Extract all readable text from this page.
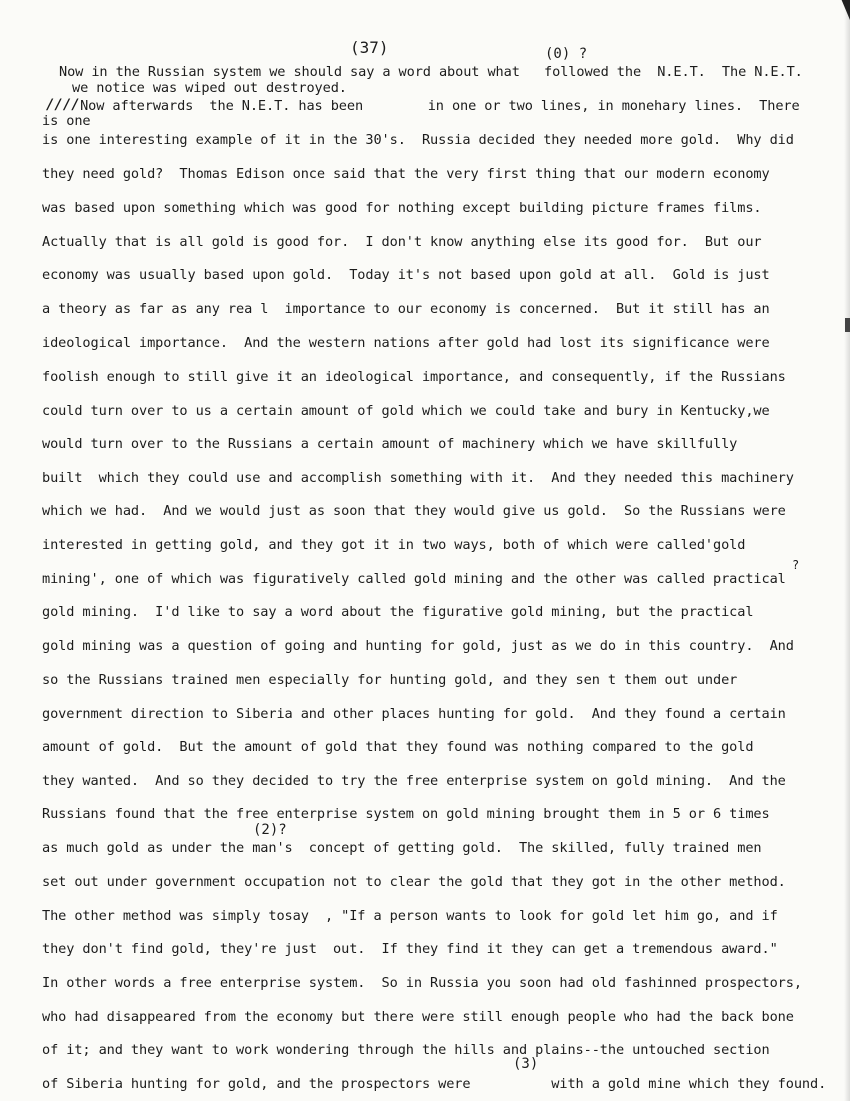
(37)	(0) ?
////
?
(2)?
(3)
Now in the Russian system we should say a word about what   followed the  N.E.T.  The N.E.T.
we notice was wiped out destroyed.
Now afterwards  the N.E.T. has been        in one or two lines, in monehary lines.  There
is one
is one interesting example of it in the 30's.  Russia decided they needed more gold.  Why did
they need gold?  Thomas Edison once said that the very first thing that our modern economy
was based upon something which was good for nothing except building picture frames films.
Actually that is all gold is good for.  I don't know anything else its good for.  But our
economy was usually based upon gold.  Today it's not based upon gold at all.  Gold is just
a theory as far as any rea l  importance to our economy is concerned.  But it still has an
ideological importance.  And the western nations after gold had lost its significance were
foolish enough to still give it an ideological importance, and consequently, if the Russians
could turn over to us a certain amount of gold which we could take and bury in Kentucky,we
would turn over to the Russians a certain amount of machinery which we have skillfully
built  which they could use and accomplish something with it.  And they needed this machinery
which we had.  And we would just as soon that they would give us gold.  So the Russians were
interested in getting gold, and they got it in two ways, both of which were called'gold
mining', one of which was figuratively called gold mining and the other was called practical
gold mining.  I'd like to say a word about the figurative gold mining, but the practical
gold mining was a question of going and hunting for gold, just as we do in this country.  And
so the Russians trained men especially for hunting gold, and they sen t them out under
government direction to Siberia and other places hunting for gold.  And they found a certain
amount of gold.  But the amount of gold that they found was nothing compared to the gold
they wanted.  And so they decided to try the free enterprise system on gold mining.  And the
Russians found that the free enterprise system on gold mining brought them in 5 or 6 times
as much gold as under the man's  concept of getting gold.  The skilled, fully trained men
set out under government occupation not to clear the gold that they got in the other method.
The other method was simply tosay  , "If a person wants to look for gold let him go, and if
they don't find gold, they're just  out.  If they find it they can get a tremendous award."
In other words a free enterprise system.  So in Russia you soon had old fashinned prospectors,
who had disappeared from the economy but there were still enough people who had the back bone
of it; and they want to work wondering through the hills and plains--the untouched section
of Siberia hunting for gold, and the prospectors were          with a gold mine which they found.
